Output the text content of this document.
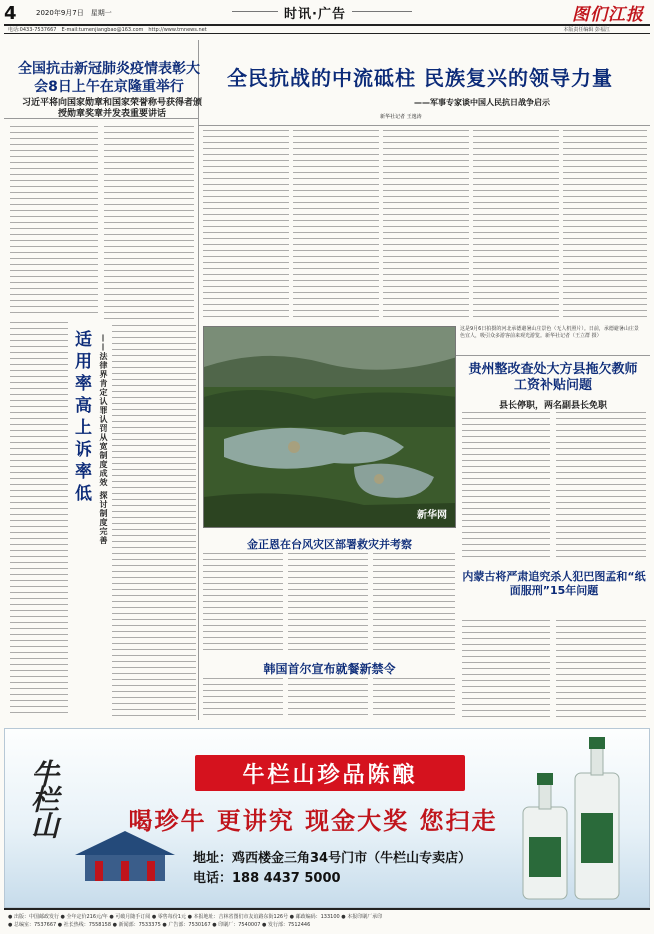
4	2020年9月7日　星期一	时讯·广告	图们江报
电话:0433-7537667　E-mail:tumenjiangbao@163.com　http://www.tmnews.net	本版责任编辑 彭福江
全国抗击新冠肺炎疫情表彰大会8日上午在京隆重举行
习近平将向国家勋章和国家荣誉称号获得者颁授勋章奖章并发表重要讲话
适用率高上诉率低	——法律界肯定认罪认罚从宽制度成效 探讨制度完善
全民抗战的中流砥柱 民族复兴的领导力量
——军事专家谈中国人民抗日战争启示
新华社记者 王逸涛
新华网
这是9月6日拍摄的河北承德避暑山庄景色（无人机照片）。日前，承德避暑山庄景色宜人，吸引众多游客前来观光游览。新华社记者（王立群 摄）
贵州整改查处大方县拖欠教师工资补贴问题
县长停职，两名副县长免职
金正恩在台风灾区部署救灾并考察
韩国首尔宣布就餐新禁令
内蒙古将严肃追究杀人犯巴图孟和“纸面服刑”15年问题
牛栏山	牛栏山珍品陈酿
喝珍牛 更讲究 现金大奖 您扫走
地址：鸡西楼金三角34号门市（牛栏山专卖店）
电话：188 4437 5000
● 出版：中国邮政发行 ● 全年定价216元/年 ● 可破月随手订阅 ● 零售每份1元 ● 本报地址：吉林省图们市友谊路东街126号 ● 邮政编码：133100 ● 本报印刷厂承印
● 总编室：7537667 ● 社长热线：7558158 ● 新闻部：7533375 ● 广告部：7530167 ● 印刷厂：7540007 ● 发行部：7512446
